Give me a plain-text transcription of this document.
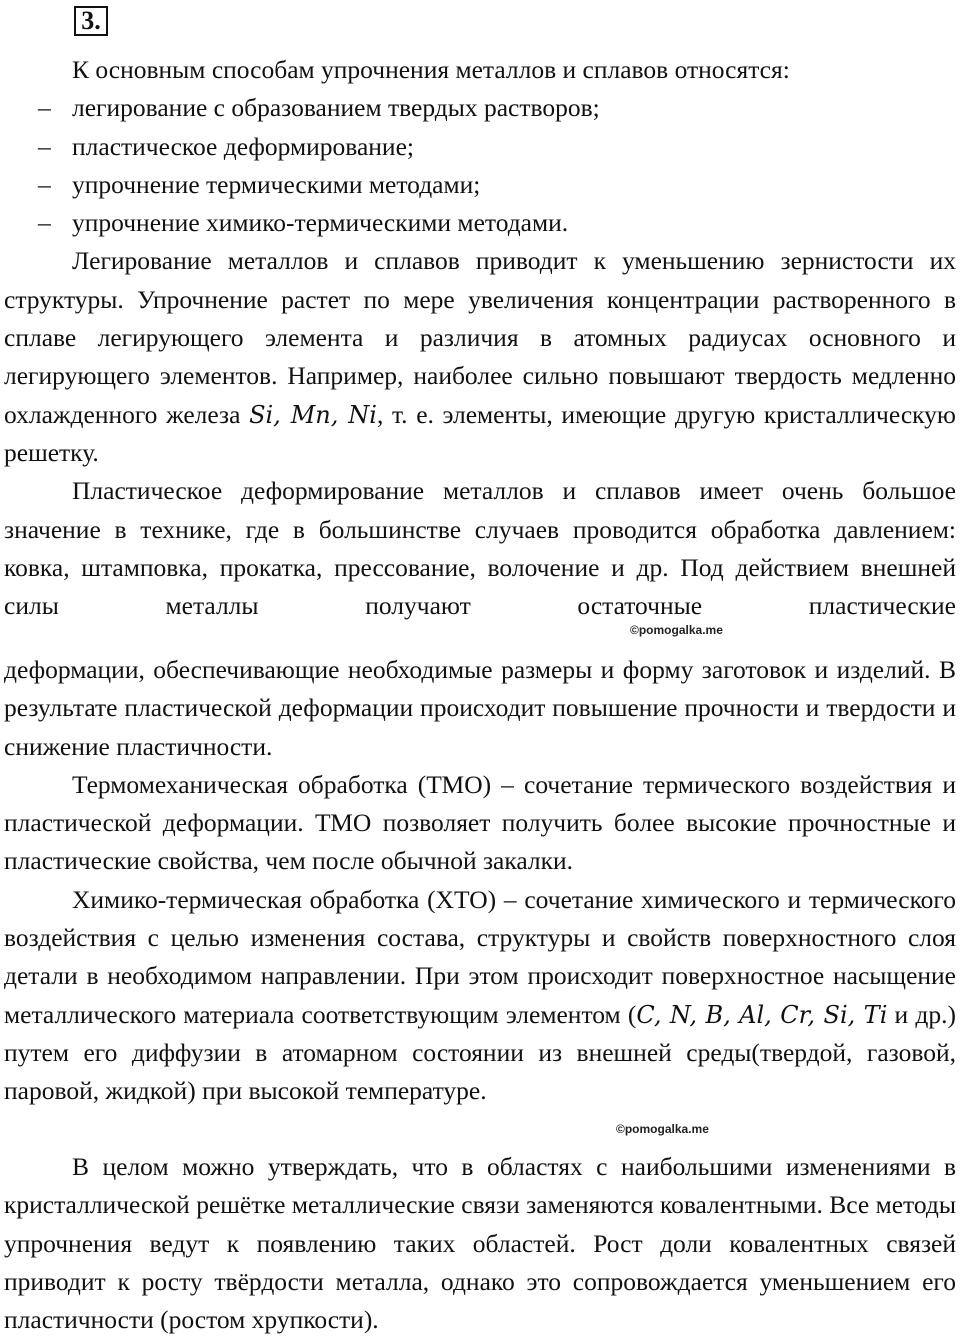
3.

К основным способам упрочнения металлов и сплавов относятся:

– легирование с образованием твердых растворов;
– пластическое деформирование;
– упрочнение термическими методами;
– упрочнение химико-термическими методами.

Легирование металлов и сплавов приводит к уменьшению зернистости их структуры. Упрочнение растет по мере увеличения концентрации растворенного в сплаве легирующего элемента и различия в атомных радиусах основного и легирующего элементов. Например, наиболее сильно повышают твердость медленно охлажденного железа Si, Mn, Ni, т. е. элементы, имеющие другую кристаллическую решетку.

Пластическое деформирование металлов и сплавов имеет очень большое значение в технике, где в большинстве случаев проводится обработка давлением: ковка, штамповка, прокатка, прессование, волочение и др. Под действием внешней силы металлы получают остаточные пластические

©pomogalka.me

деформации, обеспечивающие необходимые размеры и форму заготовок и изделий. В результате пластической деформации происходит повышение прочности и твердости и снижение пластичности.

Термомеханическая обработка (ТМО) – сочетание термического воздействия и пластической деформации. ТМО позволяет получить более высокие прочностные и пластические свойства, чем после обычной закалки.

Химико-термическая обработка (ХТО) – сочетание химического и термического воздействия с целью изменения состава, структуры и свойств поверхностного слоя детали в необходимом направлении. При этом происходит поверхностное насыщение металлического материала соответствующим элементом (C, N, B, Al, Cr, Si, Ti и др.) путем его диффузии в атомарном состоянии из внешней среды(твердой, газовой, паровой, жидкой) при высокой температуре.

©pomogalka.me

В целом можно утверждать, что в областях с наибольшими изменениями в кристаллической решётке металлические связи заменяются ковалентными. Все методы упрочнения ведут к появлению таких областей. Рост доли ковалентных связей приводит к росту твёрдости металла, однако это сопровождается уменьшением его пластичности (ростом хрупкости).
